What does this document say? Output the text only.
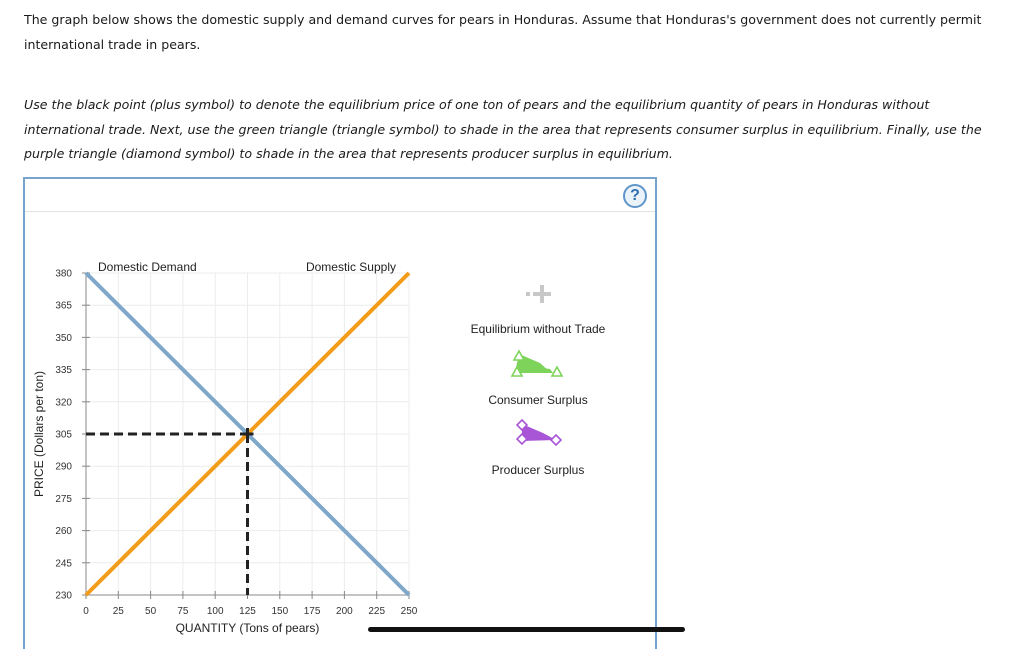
The graph below shows the domestic supply and demand curves for pears in Honduras. Assume that Honduras's government does not currently permit international trade in pears.

Use the black point (plus symbol) to denote the equilibrium price of one ton of pears and the equilibrium quantity of pears in Honduras without international trade. Next, use the green triangle (triangle symbol) to shade in the area that represents consumer surplus in equilibrium. Finally, use the purple triangle (diamond symbol) to shade in the area that represents producer surplus in equilibrium.

?
230
245
260
275
290
305
320
335
350
365
380
0 25 50 75 100 125 150 175 200 225 250
QUANTITY (Tons of pears)
PRICE (Dollars per ton)
Domestic Demand	Domestic Supply
Equilibrium without Trade
Consumer Surplus
Producer Surplus
